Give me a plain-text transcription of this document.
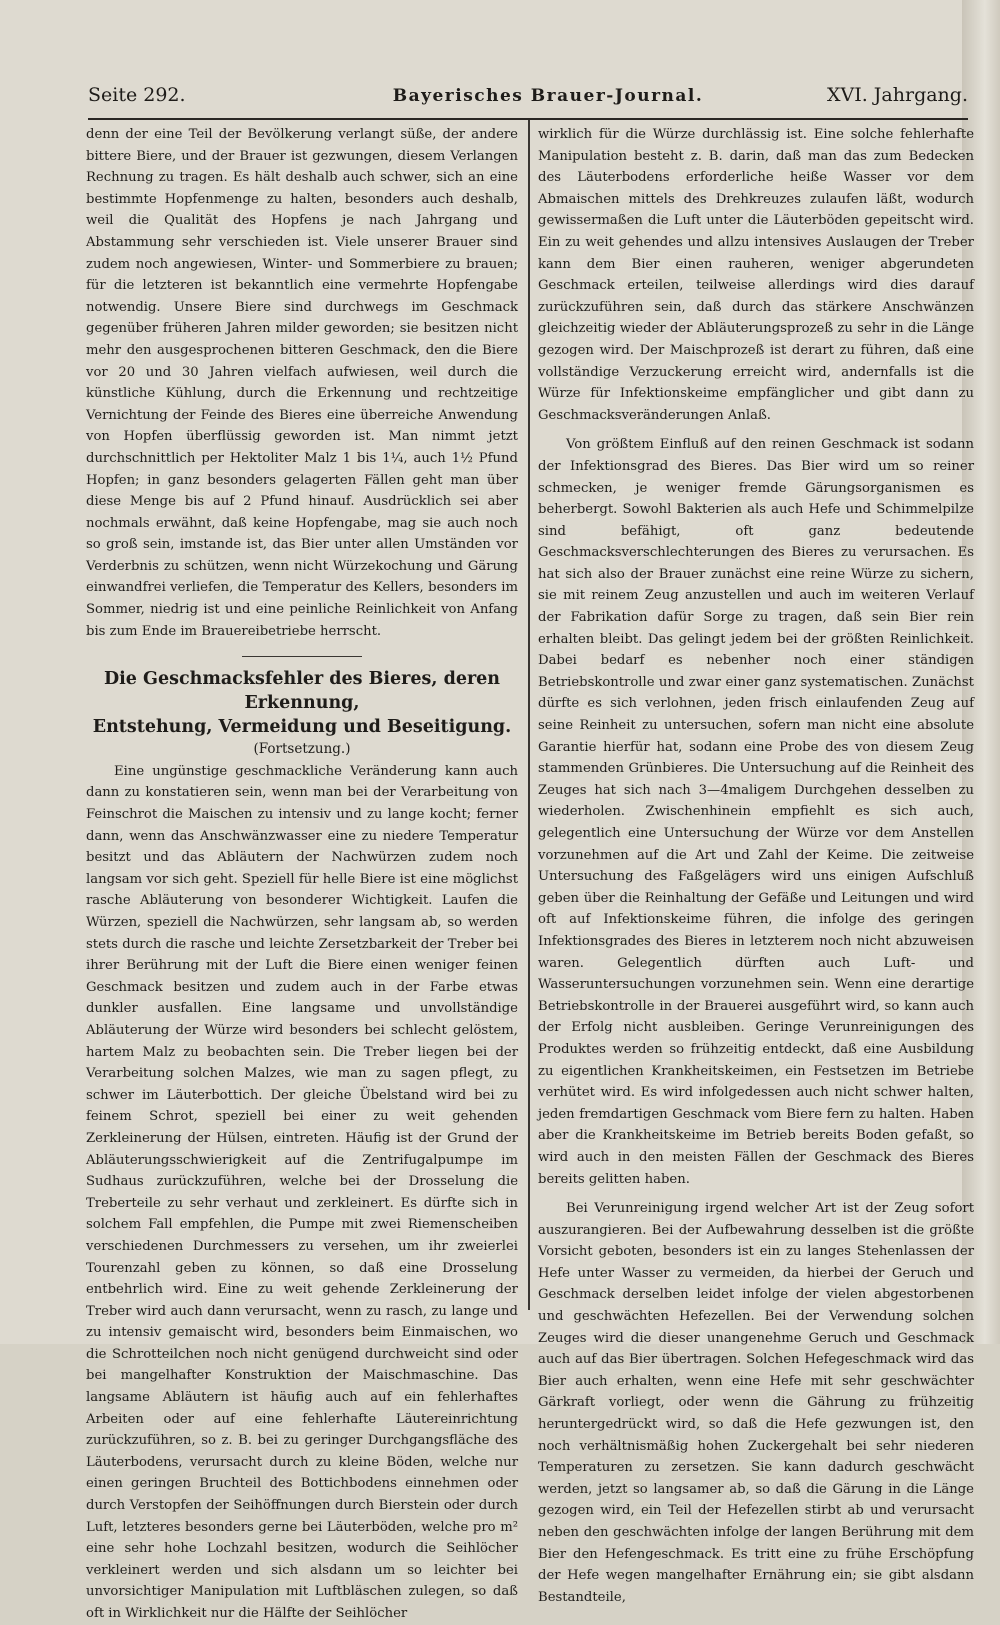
Seite 292.	Bayerisches Brauer-Journal.	XVI. Jahrgang.

denn der eine Teil der Bevölkerung verlangt süße, der andere bittere Biere, und der Brauer ist gezwungen, diesem Verlangen Rechnung zu tragen. Es hält deshalb auch schwer, sich an eine bestimmte Hopfenmenge zu halten, besonders auch deshalb, weil die Qualität des Hopfens je nach Jahrgang und Abstammung sehr verschieden ist. Viele unserer Brauer sind zudem noch angewiesen, Winter- und Sommerbiere zu brauen; für die letzteren ist bekanntlich eine vermehrte Hopfengabe notwendig. Unsere Biere sind durchwegs im Geschmack gegenüber früheren Jahren milder geworden; sie besitzen nicht mehr den ausgesprochenen bitteren Geschmack, den die Biere vor 20 und 30 Jahren vielfach aufwiesen, weil durch die künstliche Kühlung, durch die Erkennung und rechtzeitige Vernichtung der Feinde des Bieres eine überreiche Anwendung von Hopfen überflüssig geworden ist. Man nimmt jetzt durchschnittlich per Hektoliter Malz 1 bis 1¼, auch 1½ Pfund Hopfen; in ganz besonders gelagerten Fällen geht man über diese Menge bis auf 2 Pfund hinauf. Ausdrücklich sei aber nochmals erwähnt, daß keine Hopfengabe, mag sie auch noch so groß sein, imstande ist, das Bier unter allen Umständen vor Verderbnis zu schützen, wenn nicht Würzekochung und Gärung einwandfrei verliefen, die Temperatur des Kellers, besonders im Sommer, niedrig ist und eine peinliche Reinlichkeit von Anfang bis zum Ende im Brauereibetriebe herrscht.

Die Geschmacksfehler des Bieres, deren Erkennung,
Entstehung, Vermeidung und Beseitigung.

(Fortsetzung.)

Eine ungünstige geschmackliche Veränderung kann auch dann zu konstatieren sein, wenn man bei der Verarbeitung von Feinschrot die Maischen zu intensiv und zu lange kocht; ferner dann, wenn das Anschwänzwasser eine zu niedere Temperatur besitzt und das Abläutern der Nachwürzen zudem noch langsam vor sich geht. Speziell für helle Biere ist eine möglichst rasche Abläuterung von besonderer Wichtigkeit. Laufen die Würzen, speziell die Nachwürzen, sehr langsam ab, so werden stets durch die rasche und leichte Zersetzbarkeit der Treber bei ihrer Berührung mit der Luft die Biere einen weniger feinen Geschmack besitzen und zudem auch in der Farbe etwas dunkler ausfallen. Eine langsame und unvollständige Abläuterung der Würze wird besonders bei schlecht gelöstem, hartem Malz zu beobachten sein. Die Treber liegen bei der Verarbeitung solchen Malzes, wie man zu sagen pflegt, zu schwer im Läuterbottich. Der gleiche Übelstand wird bei zu feinem Schrot, speziell bei einer zu weit gehenden Zerkleinerung der Hülsen, eintreten. Häufig ist der Grund der Abläuterungsschwierigkeit auf die Zentrifugalpumpe im Sudhaus zurückzuführen, welche bei der Drosselung die Treberteile zu sehr verhaut und zerkleinert. Es dürfte sich in solchem Fall empfehlen, die Pumpe mit zwei Riemenscheiben verschiedenen Durchmessers zu versehen, um ihr zweierlei Tourenzahl geben zu können, so daß eine Drosselung entbehrlich wird. Eine zu weit gehende Zerkleinerung der Treber wird auch dann verursacht, wenn zu rasch, zu lange und zu intensiv gemaischt wird, besonders beim Einmaischen, wo die Schrotteilchen noch nicht genügend durchweicht sind oder bei mangelhafter Konstruktion der Maischmaschine. Das langsame Abläutern ist häufig auch auf ein fehlerhaftes Arbeiten oder auf eine fehlerhafte Läutereinrichtung zurückzuführen, so z. B. bei zu geringer Durchgangsfläche des Läuterbodens, verursacht durch zu kleine Böden, welche nur einen geringen Bruchteil des Bottichbodens einnehmen oder durch Verstopfen der Seihöffnungen durch Bierstein oder durch Luft, letzteres besonders gerne bei Läuterböden, welche pro m² eine sehr hohe Lochzahl besitzen, wodurch die Seihlöcher verkleinert werden und sich alsdann um so leichter bei unvorsichtiger Manipulation mit Luftbläschen zulegen, so daß oft in Wirklichkeit nur die Hälfte der Seihlöcher

wirklich für die Würze durchlässig ist. Eine solche fehlerhafte Manipulation besteht z. B. darin, daß man das zum Bedecken des Läuterbodens erforderliche heiße Wasser vor dem Abmaischen mittels des Drehkreuzes zulaufen läßt, wodurch gewissermaßen die Luft unter die Läuterböden gepeitscht wird. Ein zu weit gehendes und allzu intensives Auslaugen der Treber kann dem Bier einen rauheren, weniger abgerundeten Geschmack erteilen, teilweise allerdings wird dies darauf zurückzuführen sein, daß durch das stärkere Anschwänzen gleichzeitig wieder der Abläuterungsprozeß zu sehr in die Länge gezogen wird. Der Maischprozeß ist derart zu führen, daß eine vollständige Verzuckerung erreicht wird, andernfalls ist die Würze für Infektionskeime empfänglicher und gibt dann zu Geschmacksveränderungen Anlaß.

Von größtem Einfluß auf den reinen Geschmack ist sodann der Infektionsgrad des Bieres. Das Bier wird um so reiner schmecken, je weniger fremde Gärungsorganismen es beherbergt. Sowohl Bakterien als auch Hefe und Schimmelpilze sind befähigt, oft ganz bedeutende Geschmacksverschlechterungen des Bieres zu verursachen. Es hat sich also der Brauer zunächst eine reine Würze zu sichern, sie mit reinem Zeug anzustellen und auch im weiteren Verlauf der Fabrikation dafür Sorge zu tragen, daß sein Bier rein erhalten bleibt. Das gelingt jedem bei der größten Reinlichkeit. Dabei bedarf es nebenher noch einer ständigen Betriebskontrolle und zwar einer ganz systematischen. Zunächst dürfte es sich verlohnen, jeden frisch einlaufenden Zeug auf seine Reinheit zu untersuchen, sofern man nicht eine absolute Garantie hierfür hat, sodann eine Probe des von diesem Zeug stammenden Grünbieres. Die Untersuchung auf die Reinheit des Zeuges hat sich nach 3—4maligem Durchgehen desselben zu wiederholen. Zwischenhinein empfiehlt es sich auch, gelegentlich eine Untersuchung der Würze vor dem Anstellen vorzunehmen auf die Art und Zahl der Keime. Die zeitweise Untersuchung des Faßgelägers wird uns einigen Aufschluß geben über die Reinhaltung der Gefäße und Leitungen und wird oft auf Infektionskeime führen, die infolge des geringen Infektionsgrades des Bieres in letzterem noch nicht abzuweisen waren. Gelegentlich dürften auch Luft- und Wasseruntersuchungen vorzunehmen sein. Wenn eine derartige Betriebskontrolle in der Brauerei ausgeführt wird, so kann auch der Erfolg nicht ausbleiben. Geringe Verunreinigungen des Produktes werden so frühzeitig entdeckt, daß eine Ausbildung zu eigentlichen Krankheitskeimen, ein Festsetzen im Betriebe verhütet wird. Es wird infolgedessen auch nicht schwer halten, jeden fremdartigen Geschmack vom Biere fern zu halten. Haben aber die Krankheitskeime im Betrieb bereits Boden gefaßt, so wird auch in den meisten Fällen der Geschmack des Bieres bereits gelitten haben.

Bei Verunreinigung irgend welcher Art ist der Zeug sofort auszurangieren. Bei der Aufbewahrung desselben ist die größte Vorsicht geboten, besonders ist ein zu langes Stehenlassen der Hefe unter Wasser zu vermeiden, da hierbei der Geruch und Geschmack derselben leidet infolge der vielen abgestorbenen und geschwächten Hefezellen. Bei der Verwendung solchen Zeuges wird die dieser unangenehme Geruch und Geschmack auch auf das Bier übertragen. Solchen Hefegeschmack wird das Bier auch erhalten, wenn eine Hefe mit sehr geschwächter Gärkraft vorliegt, oder wenn die Gährung zu frühzeitig heruntergedrückt wird, so daß die Hefe gezwungen ist, den noch verhältnismäßig hohen Zuckergehalt bei sehr niederen Temperaturen zu zersetzen. Sie kann dadurch geschwächt werden, jetzt so langsamer ab, so daß die Gärung in die Länge gezogen wird, ein Teil der Hefezellen stirbt ab und verursacht neben den geschwächten infolge der langen Berührung mit dem Bier den Hefengeschmack. Es tritt eine zu frühe Erschöpfung der Hefe wegen mangelhafter Ernährung ein; sie gibt alsdann Bestandteile,
